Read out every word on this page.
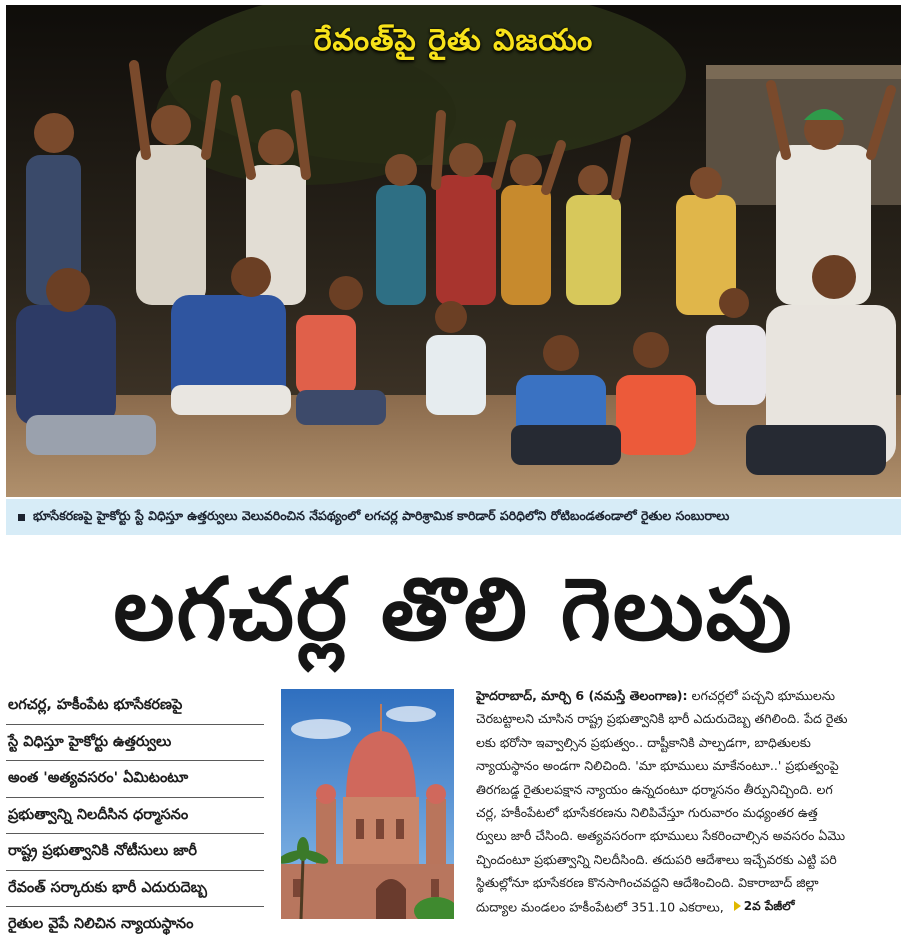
రేవంత్‌పై రైతు విజయం
భూసేకరణపై హైకోర్టు స్టే విధిస్తూ ఉత్తర్వులు వెలువరించిన నేపథ్యంలో లగచర్ల పారిశ్రామిక కారిడార్ పరిధిలోని రోటిబండతండాలో రైతుల సంబురాలు
లగచర్ల తొలి గెలుపు
లగచర్ల, హకీంపేట భూసేకరణపై
స్టే విధిస్తూ హైకోర్టు ఉత్తర్వులు
అంత 'అత్యవసరం' ఏమిటంటూ
ప్రభుత్వాన్ని నిలదీసిన ధర్మాసనం
రాష్ట్ర ప్రభుత్వానికి నోటీసులు జారీ
రేవంత్ సర్కారుకు భారీ ఎదురుదెబ్బ
రైతుల వైపే నిలిచిన న్యాయస్థానం
హైదరాబాద్, మార్చి 6 (నమస్తే తెలంగాణ): లగచర్లలో పచ్చని భూములను
చెరబట్టాలని చూసిన రాష్ట్ర ప్రభుత్వానికి భారీ ఎదురుదెబ్బ తగిలింది. పేద రైతు
లకు భరోసా ఇవ్వాల్సిన ప్రభుత్వం.. దాష్టీకానికి పాల్పడగా, బాధితులకు
న్యాయస్థానం అండగా నిలిచింది. 'మా భూములు మాకేనంటూ..' ప్రభుత్వంపై
తిరగబడ్డ రైతులపక్షాన న్యాయం ఉన్నదంటూ ధర్మాసనం తీర్పునిచ్చింది. లగ
చర్ల, హకీంపేటలో భూసేకరణను నిలిపివేస్తూ గురువారం మధ్యంతర ఉత్త
ర్వులు జారీ చేసింది. అత్యవసరంగా భూములు సేకరించాల్సిన అవసరం ఏమొ
చ్చిందంటూ ప్రభుత్వాన్ని నిలదీసింది. తదుపరి ఆదేశాలు ఇచ్చేవరకు ఎట్టి పరి
స్థితుల్లోనూ భూసేకరణ కొనసాగించవద్దని ఆదేశించింది. వికారాబాద్ జిల్లా
దుద్యాల మండలం హకీంపేటలో 351.10 ఎకరాలు, 2వ పేజీలో
